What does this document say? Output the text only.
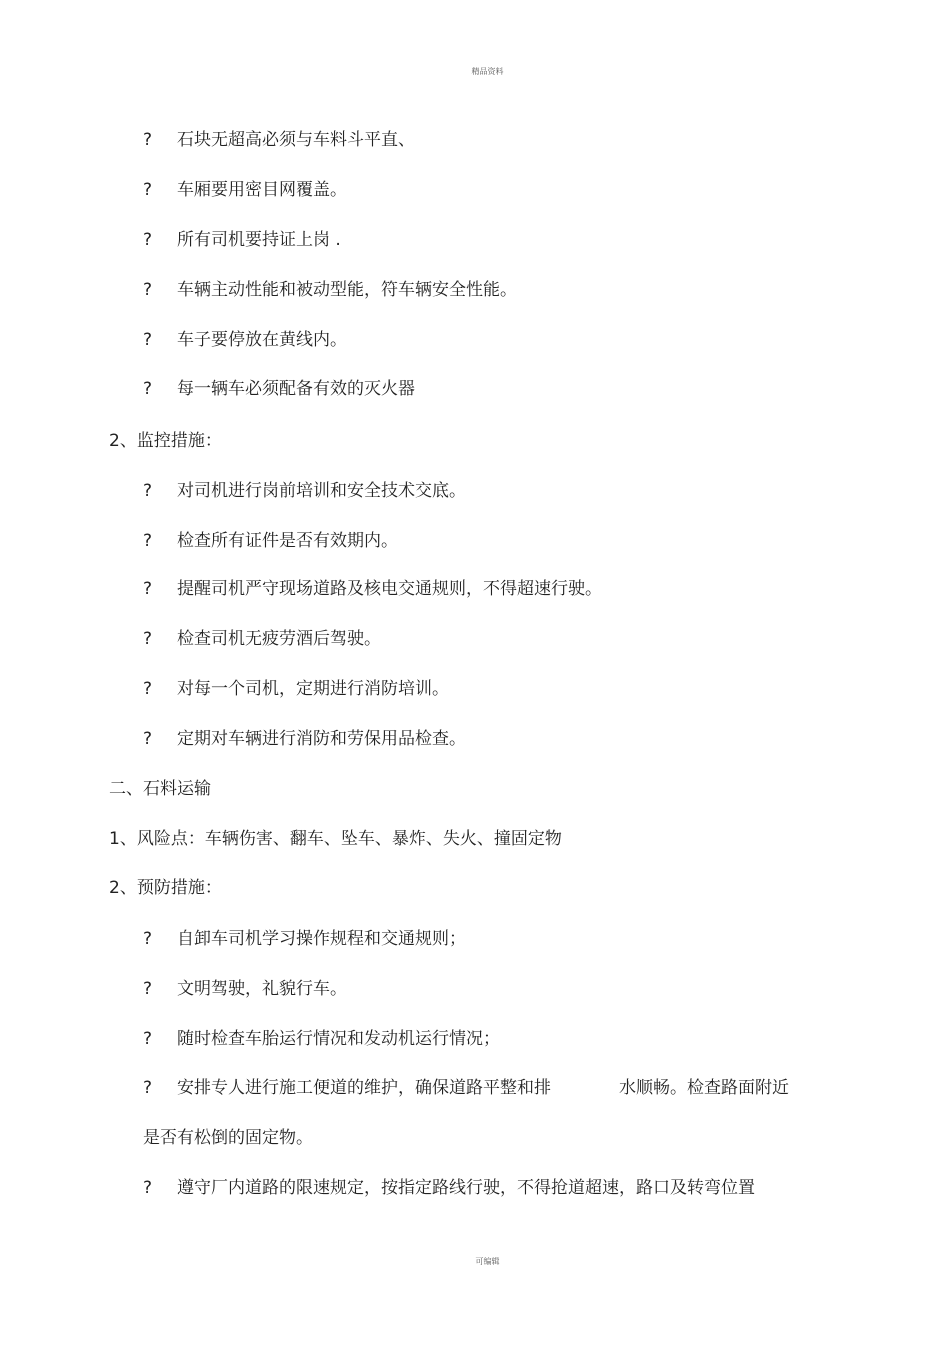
精品资料
? 石块无超高必须与车料斗平直、
? 车厢要用密目网覆盖。
? 所有司机要持证上岗 .
? 车辆主动性能和被动型能，符车辆安全性能。
? 车子要停放在黄线内。
? 每一辆车必须配备有效的灭火器
2、监控措施：
? 对司机进行岗前培训和安全技术交底。
? 检查所有证件是否有效期内。
? 提醒司机严守现场道路及核电交通规则，不得超速行驶。
? 检查司机无疲劳酒后驾驶。
? 对每一个司机，定期进行消防培训。
? 定期对车辆进行消防和劳保用品检查。
二、石料运输
1、风险点：车辆伤害、翻车、坠车、暴炸、失火、撞固定物
2、预防措施：
? 自卸车司机学习操作规程和交通规则；
? 文明驾驶，礼貌行车。
? 随时检查车胎运行情况和发动机运行情况；
? 安排专人进行施工便道的维护，确保道路平整和排	水顺畅。检查路面附近
是否有松倒的固定物。
? 遵守厂内道路的限速规定，按指定路线行驶，不得抢道超速，路口及转弯位置
可编辑
